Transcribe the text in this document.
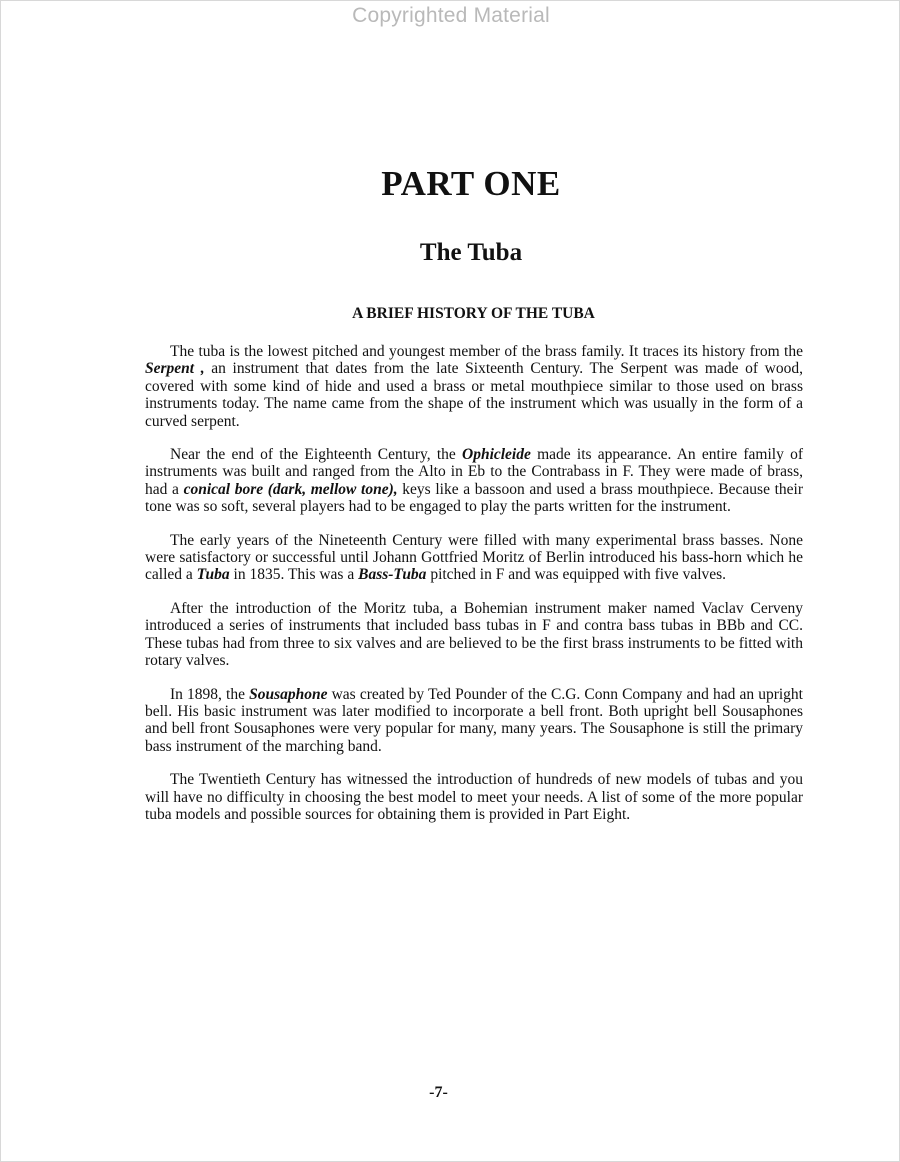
Copyrighted Material
PART ONE
The Tuba
A BRIEF HISTORY OF THE TUBA

The tuba is the lowest pitched and youngest member of the brass family. It traces its history from the Serpent , an instrument that dates from the late Sixteenth Century. The Serpent was made of wood, covered with some kind of hide and used a brass or metal mouthpiece similar to those used on brass instruments today. The name came from the shape of the instrument which was usually in the form of a curved serpent.

Near the end of the Eighteenth Century, the Ophicleide made its appearance. An entire family of instruments was built and ranged from the Alto in Eb to the Contrabass in F. They were made of brass, had a conical bore (dark, mellow tone), keys like a bassoon and used a brass mouthpiece. Because their tone was so soft, several players had to be engaged to play the parts written for the instrument.

The early years of the Nineteenth Century were filled with many experimental brass basses. None were satisfactory or successful until Johann Gottfried Moritz of Berlin introduced his bass-horn which he called a Tuba in 1835. This was a Bass-Tuba pitched in F and was equipped with five valves.

After the introduction of the Moritz tuba, a Bohemian instrument maker named Vaclav Cerveny introduced a series of instruments that included bass tubas in F and contra bass tubas in BBb and CC. These tubas had from three to six valves and are believed to be the first brass instruments to be fitted with rotary valves.

In 1898, the Sousaphone was created by Ted Pounder of the C.G. Conn Company and had an upright bell. His basic instrument was later modified to incorporate a bell front. Both upright bell Sousaphones and bell front Sousaphones were very popular for many, many years. The Sousaphone is still the primary bass instrument of the marching band.

The Twentieth Century has witnessed the introduction of hundreds of new models of tubas and you will have no difficulty in choosing the best model to meet your needs. A list of some of the more popular tuba models and possible sources for obtaining them is provided in Part Eight.

-7-
